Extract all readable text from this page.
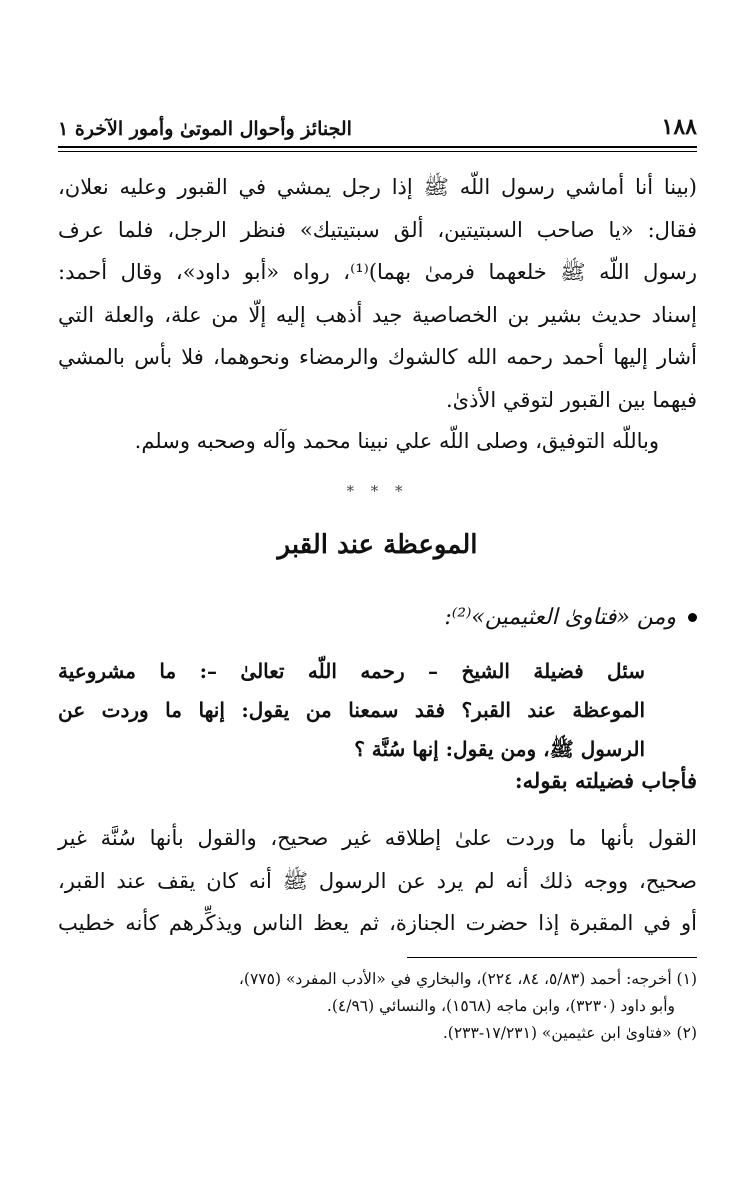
١٨٨
الجنائز وأحوال الموتىٰ وأمور الآخرة ١
(بينا أنا أماشي رسول اللّه ﷺ إذا رجل يمشي في القبور وعليه نعلان،
فقال: «يا صاحب السبتيتين، ألق سبتيتيك» فنظر الرجل، فلما عرف
رسول اللّه ﷺ خلعهما فرمىٰ بهما)⁽¹⁾، رواه «أبو داود»، وقال أحمد:
إسناد حديث بشير بن الخصاصية جيد أذهب إليه إلّا من علة، والعلة التي
أشار إليها أحمد رحمه الله كالشوك والرمضاء ونحوهما، فلا بأس بالمشي
فيهما بين القبور لتوقي الأذىٰ.
وباللّه التوفيق، وصلى اللّه علي نبينا محمد وآله وصحبه وسلم.
* * *
الموعظة عند القبر
ومن «فتاوىٰ العثيمين»⁽²⁾:
سئل فضيلة الشيخ – رحمه اللّه تعالىٰ –: ما مشروعية
الموعظة عند القبر؟ فقد سمعنا من يقول: إنها ما وردت عن
الرسول ﷺ، ومن يقول: إنها سُنَّة ؟
فأجاب فضيلته بقوله:
القول بأنها ما وردت علىٰ إطلاقه غير صحيح، والقول بأنها سُنَّة غير
صحيح، ووجه ذلك أنه لم يرد عن الرسول ﷺ أنه كان يقف عند القبر،
أو في المقبرة إذا حضرت الجنازة، ثم يعظ الناس ويذكِّرهم كأنه خطيب
(١) أخرجه: أحمد (٥/٨٣، ٨٤، ٢٢٤)، والبخاري في «الأدب المفرد» (٧٧٥)،
وأبو داود (٣٢٣٠)، وابن ماجه (١٥٦٨)، والنسائي (٤/٩٦).
(٢) «فتاوىٰ ابن عثيمين» (١٧/٢٣١-٢٣٣).
